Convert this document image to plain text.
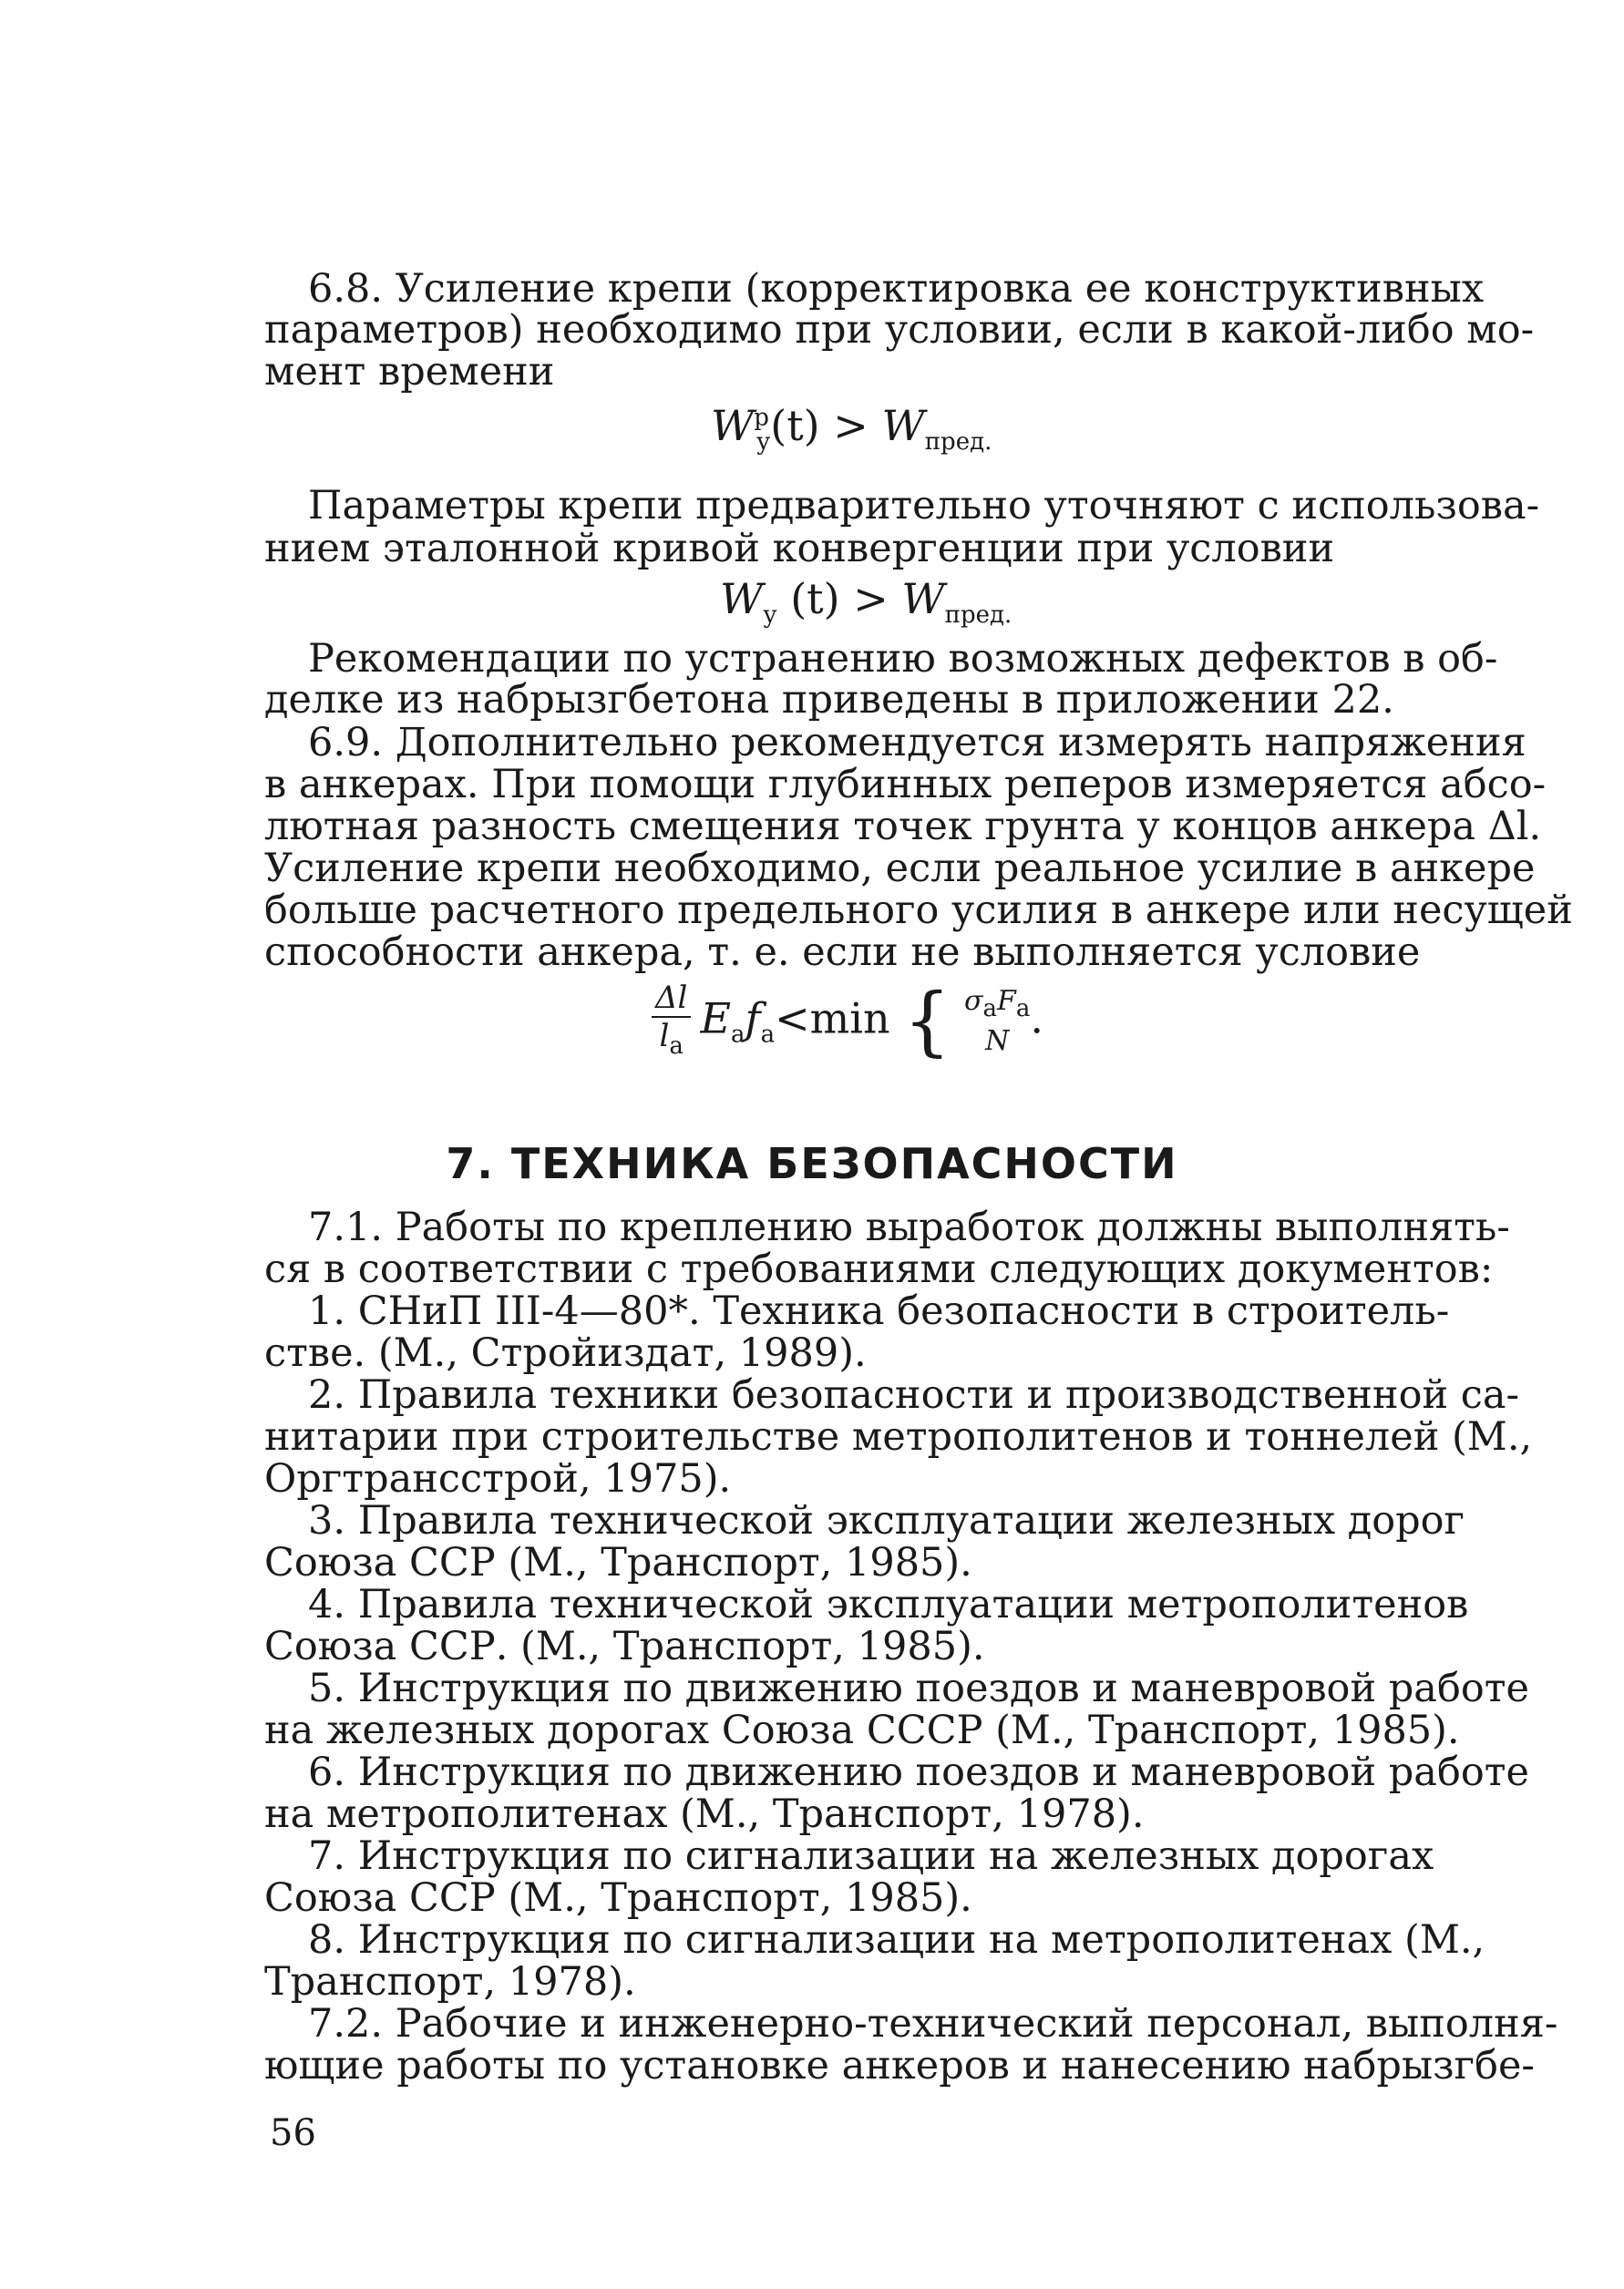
6.8. Усиление крепи (корректировка ее конструктивных
параметров) необходимо при условии, если в какой-либо мо-
мент времени
$W^р_у(t) > W_{пред.}$
Параметры крепи предварительно уточняют с использова-
нием эталонной кривой конвергенции при условии
$W_у$ $(t) > W_{пред.}$
Рекомендации по устранению возможных дефектов в об-
делке из набрызгбетона приведены в приложении 22.
6.9. Дополнительно рекомендуется измерять напряжения
в анкерах. При помощи глубинных реперов измеряется абсо-
лютная разность смещения точек грунта у концов анкера Δl.
Усиление крепи необходимо, если реальное усилие в анкере
больше расчетного предельного усилия в анкере или несущей
способности анкера, т. е. если не выполняется условие
$\frac{\Delta l}{l_a} E_af_a<\min$ { $\sigma_aF_a$
N .
7. ТЕХНИКА БЕЗОПАСНОСТИ
7.1. Работы по креплению выработок должны выполнять-
ся в соответствии с требованиями следующих документов:
1. СНиП III-4—80*. Техника безопасности в строитель-
стве. (М., Стройиздат, 1989).
2. Правила техники безопасности и производственной са-
нитарии при строительстве метрополитенов и тоннелей (М.,
Оргтрансстрой, 1975).
3. Правила технической эксплуатации железных дорог
Союза ССР (М., Транспорт, 1985).
4. Правила технической эксплуатации метрополитенов
Союза ССР. (М., Транспорт, 1985).
5. Инструкция по движению поездов и маневровой работе
на железных дорогах Союза СССР (М., Транспорт, 1985).
6. Инструкция по движению поездов и маневровой работе
на метрополитенах (М., Транспорт, 1978).
7. Инструкция по сигнализации на железных дорогах
Союза ССР (М., Транспорт, 1985).
8. Инструкция по сигнализации на метрополитенах (М.,
Транспорт, 1978).
7.2. Рабочие и инженерно-технический персонал, выполня-
ющие работы по установке анкеров и нанесению набрызгбе-
56
